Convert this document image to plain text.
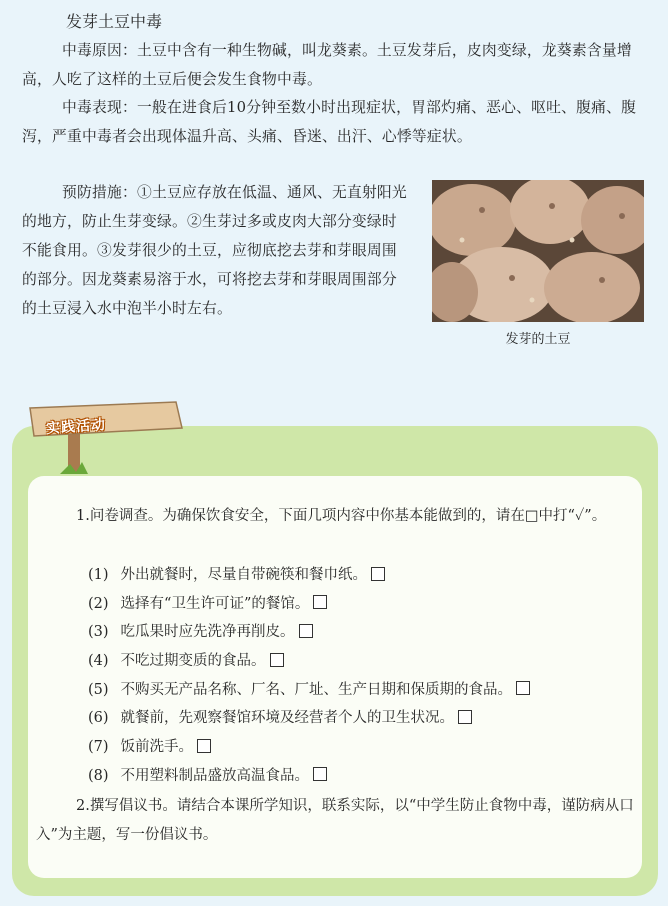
发芽土豆中毒

中毒原因：土豆中含有一种生物碱，叫龙葵素。土豆发芽后，皮肉变绿，龙葵素含量增高，人吃了这样的土豆后便会发生食物中毒。

中毒表现：一般在进食后10分钟至数小时出现症状，胃部灼痛、恶心、呕吐、腹痛、腹泻，严重中毒者会出现体温升高、头痛、昏迷、出汗、心悸等症状。

预防措施：①土豆应存放在低温、通风、无直射阳光的地方，防止生芽变绿。②生芽过多或皮肉大部分变绿时不能食用。③发芽很少的土豆，应彻底挖去芽和芽眼周围的部分。因龙葵素易溶于水，可将挖去芽和芽眼周围部分的土豆浸入水中泡半小时左右。

发芽的土豆
实践活动

1.问卷调查。为确保饮食安全，下面几项内容中你基本能做到的，请在□中打“✓”。

(1) 外出就餐时，尽量自带碗筷和餐巾纸。
(2) 选择有“卫生许可证”的餐馆。
(3) 吃瓜果时应先洗净再削皮。
(4) 不吃过期变质的食品。
(5) 不购买无产品名称、厂名、厂址、生产日期和保质期的食品。
(6) 就餐前，先观察餐馆环境及经营者个人的卫生状况。
(7) 饭前洗手。
(8) 不用塑料制品盛放高温食品。

2.撰写倡议书。请结合本课所学知识，联系实际，以“中学生防止食物中毒，谨防病从口入”为主题，写一份倡议书。
